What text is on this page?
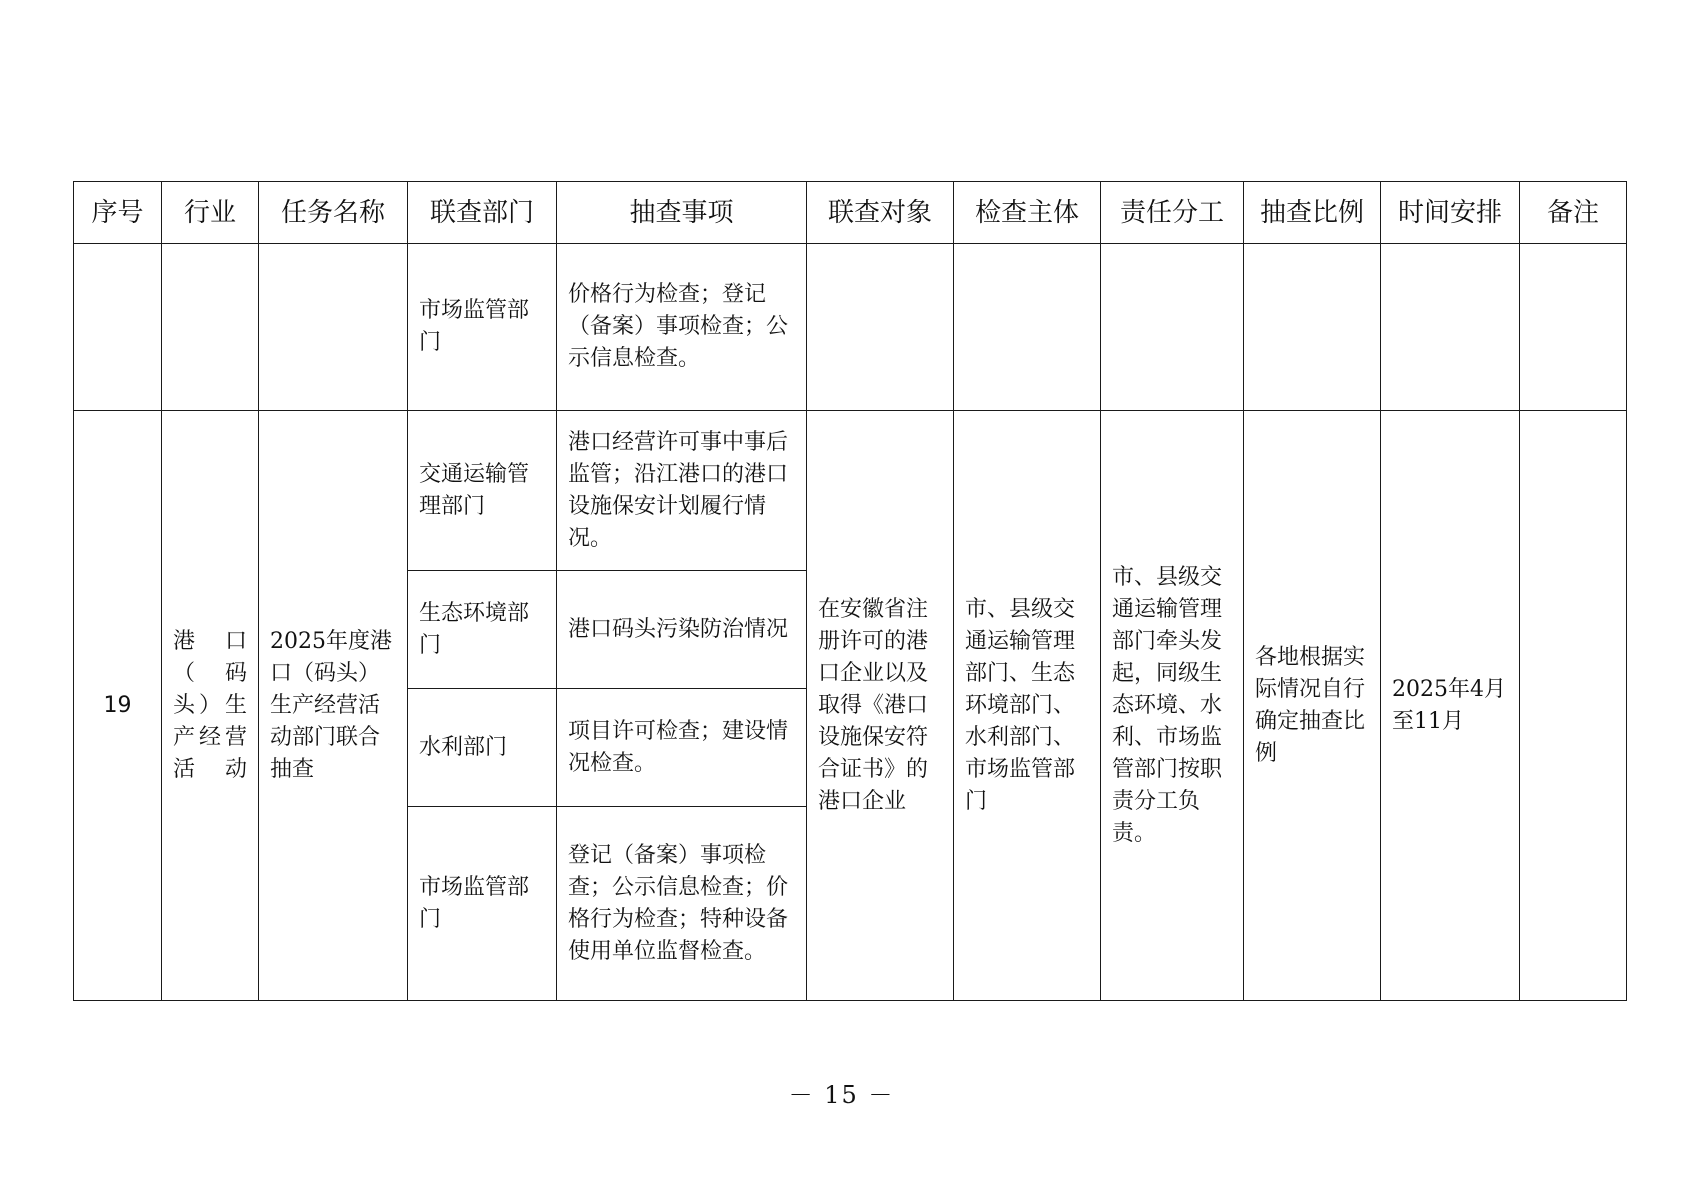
序号	行业	任务名称	联查部门	抽查事项	联查对象	检查主体	责任分工	抽查比例	时间安排	备注
			市场监管部门	价格行为检查；登记（备案）事项检查；公示信息检查。						
19	港口（码头）生产经营活动	2025年度港口（码头）生产经营活动部门联合抽查	交通运输管理部门	港口经营许可事中事后监管；沿江港口的港口设施保安计划履行情况。	在安徽省注册许可的港口企业以及取得《港口设施保安符合证书》的港口企业	市、县级交通运输管理部门、生态环境部门、水利部门、市场监管部门	市、县级交通运输管理部门牵头发起，同级生态环境、水利、市场监管部门按职责分工负责。	各地根据实际情况自行确定抽查比例	2025年4月至11月	
			生态环境部门	港口码头污染防治情况						
			水利部门	项目许可检查；建设情况检查。						
			市场监管部门	登记（备案）事项检查；公示信息检查；价格行为检查；特种设备使用单位监督检查。						
－ 15 －
